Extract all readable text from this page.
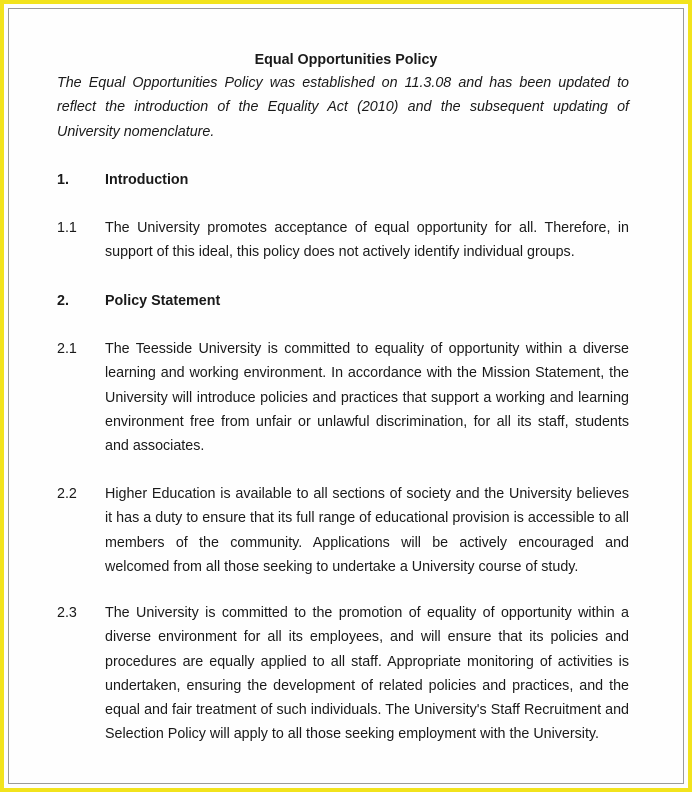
Equal Opportunities Policy
The Equal Opportunities Policy was established on 11.3.08 and has been updated to reflect the introduction of the Equality Act (2010) and the subsequent updating of University nomenclature.
1.	Introduction
1.1 The University promotes acceptance of equal opportunity for all. Therefore, in support of this ideal, this policy does not actively identify individual groups.
2.	Policy Statement
2.1 The Teesside University is committed to equality of opportunity within a diverse learning and working environment. In accordance with the Mission Statement, the University will introduce policies and practices that support a working and learning environment free from unfair or unlawful discrimination, for all its staff, students and associates.
2.2 Higher Education is available to all sections of society and the University believes it has a duty to ensure that its full range of educational provision is accessible to all members of the community. Applications will be actively encouraged and welcomed from all those seeking to undertake a University course of study.
2.3 The University is committed to the promotion of equality of opportunity within a diverse environment for all its employees, and will ensure that its policies and procedures are equally applied to all staff. Appropriate monitoring of activities is undertaken, ensuring the development of related policies and practices, and the equal and fair treatment of such individuals. The University's Staff Recruitment and Selection Policy will apply to all those seeking employment with the University.
